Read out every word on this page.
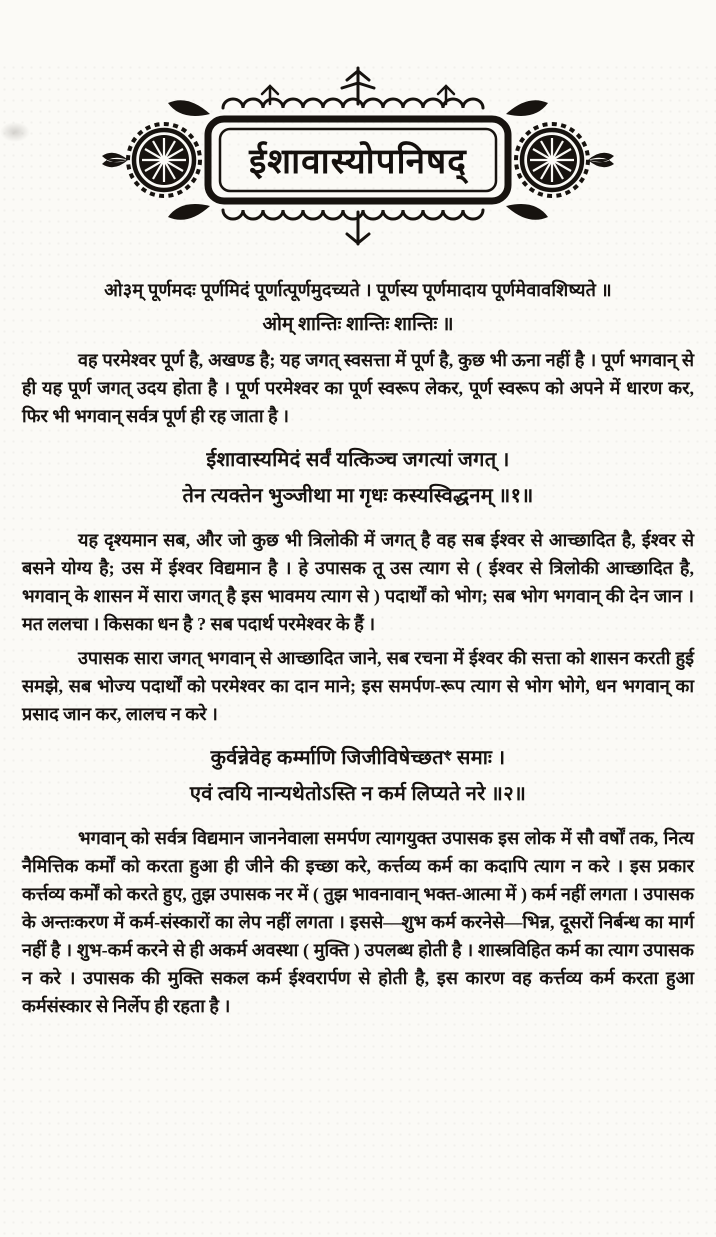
ईशावास्योपनिषद्

ओ३म् पूर्णमदः पूर्णमिदं पूर्णात्पूर्णमुदच्यते । पूर्णस्य पूर्णमादाय पूर्णमेवावशिष्यते ॥

ओम् शान्तिः शान्तिः शान्तिः ॥

वह परमेश्वर पूर्ण है, अखण्ड है; यह जगत् स्वसत्ता में पूर्ण है, कुछ भी ऊना नहीं है । पूर्ण भगवान् से ही यह पूर्ण जगत् उदय होता है । पूर्ण परमेश्वर का पूर्ण स्वरूप लेकर, पूर्ण स्वरूप को अपने में धारण कर, फिर भी भगवान् सर्वत्र पूर्ण ही रह जाता है ।

ईशावास्यमिदं सर्वं यत्किञ्च जगत्यां जगत् ।
तेन त्यक्तेन भुञ्जीथा मा गृधः कस्यस्विद्धनम् ॥१॥

यह दृश्यमान सब, और जो कुछ भी त्रिलोकी में जगत् है वह सब ईश्वर से आच्छादित है, ईश्वर से बसने योग्य है; उस में ईश्वर विद्यमान है । हे उपासक तू उस त्याग से ( ईश्वर से त्रिलोकी आच्छादित है, भगवान् के शासन में सारा जगत् है इस भावमय त्याग से ) पदार्थों को भोग; सब भोग भगवान् की देन जान । मत ललचा । किसका धन है ? सब पदार्थ परमेश्वर के हैं ।

उपासक सारा जगत् भगवान् से आच्छादित जाने, सब रचना में ईश्वर की सत्ता को शासन करती हुई समझे, सब भोज्य पदार्थों को परमेश्वर का दान माने; इस समर्पण-रूप त्याग से भोग भोगे, धन भगवान् का प्रसाद जान कर, लालच न करे ।

कुर्वन्नेवेह कर्म्माणि जिजीविषेच्छतꣳ समाः ।
एवं त्वयि नान्यथेतोऽस्ति न कर्म लिप्यते नरे ॥२॥

भगवान् को सर्वत्र विद्यमान जाननेवाला समर्पण त्यागयुक्त उपासक इस लोक में सौ वर्षों तक, नित्य नैमित्तिक कर्मों को करता हुआ ही जीने की इच्छा करे, कर्त्तव्य कर्म का कदापि त्याग न करे । इस प्रकार कर्त्तव्य कर्मों को करते हुए, तुझ उपासक नर में ( तुझ भावनावान् भक्त-आत्मा में ) कर्म नहीं लगता । उपासक के अन्तःकरण में कर्म-संस्कारों का लेप नहीं लगता । इससे—शुभ कर्म करनेसे—भिन्न, दूसरों निर्बन्ध का मार्ग नहीं है । शुभ-कर्म करने से ही अकर्म अवस्था ( मुक्ति ) उपलब्ध होती है । शास्त्रविहित कर्म का त्याग उपासक न करे । उपासक की मुक्ति सकल कर्म ईश्वरार्पण से होती है, इस कारण वह कर्त्तव्य कर्म करता हुआ कर्मसंस्कार से निर्लेप ही रहता है ।
